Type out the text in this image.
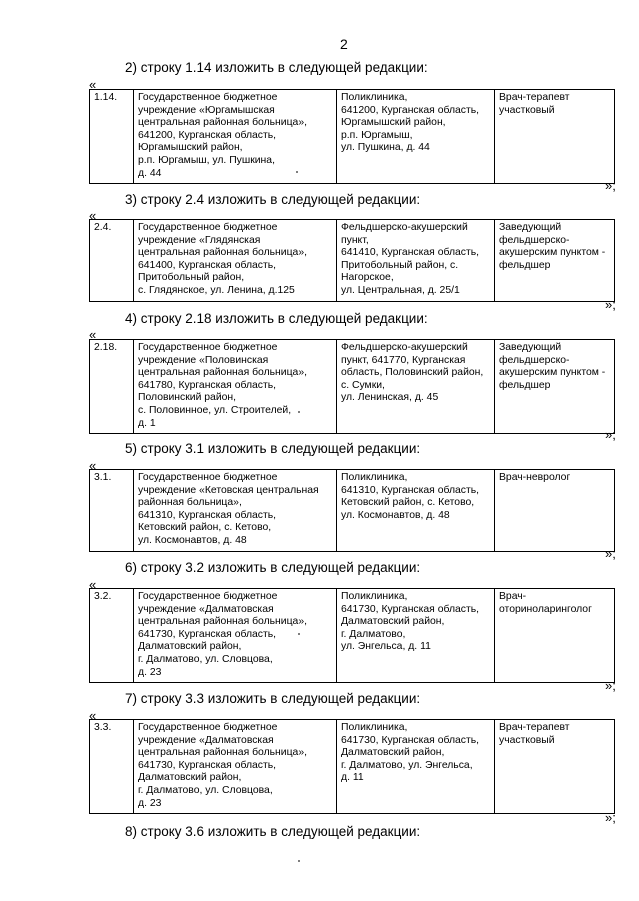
2
2) строку 1.14 изложить в следующей редакции:
«
1.14.	Государственное бюджетное
учреждение «Юргамышская
центральная районная больница»,
641200, Курганская область,
Юргамышский район,
р.п. Юргамыш, ул. Пушкина,
д. 44	Поликлиника,
641200, Курганская область,
Юргамышский район,
р.п. Юргамыш,
ул. Пушкина, д. 44	Врач-терапевт
участковый
»;
3) строку 2.4 изложить в следующей редакции:
«
2.4.	Государственное бюджетное
учреждение «Глядянская
центральная районная больница»,
641400, Курганская область,
Притобольный район,
с. Глядянское, ул. Ленина, д.125	Фельдшерско-акушерский
пункт,
641410, Курганская область,
Притобольный район, с.
Нагорское,
ул. Центральная, д. 25/1	Заведующий
фельдшерско-
акушерским пунктом -
фельдшер
»;
4) строку 2.18 изложить в следующей редакции:
«
2.18.	Государственное бюджетное
учреждение «Половинская
центральная районная больница»,
641780, Курганская область,
Половинский район,
с. Половинное, ул. Строителей,
д. 1	Фельдшерско-акушерский
пункт, 641770, Курганская
область, Половинский район,
с. Сумки,
ул. Ленинская, д. 45	Заведующий
фельдшерско-
акушерским пунктом -
фельдшер
»;
5) строку 3.1 изложить в следующей редакции:
«
3.1.	Государственное бюджетное
учреждение «Кетовская центральная
районная больница»,
641310, Курганская область,
Кетовский район, с. Кетово,
ул. Космонавтов, д. 48	Поликлиника,
641310, Курганская область,
Кетовский район, с. Кетово,
ул. Космонавтов, д. 48	Врач-невролог
»;
6) строку 3.2 изложить в следующей редакции:
«
3.2.	Государственное бюджетное
учреждение «Далматовская
центральная районная больница»,
641730, Курганская область,
Далматовский район,
г. Далматово, ул. Словцова,
д. 23	Поликлиника,
641730, Курганская область,
Далматовский район,
г. Далматово,
ул. Энгельса, д. 11	Врач-
оториноларинголог
»;
7) строку 3.3 изложить в следующей редакции:
«
3.3.	Государственное бюджетное
учреждение «Далматовская
центральная районная больница»,
641730, Курганская область,
Далматовский район,
г. Далматово, ул. Словцова,
д. 23	Поликлиника,
641730, Курганская область,
Далматовский район,
г. Далматово, ул. Энгельса,
д. 11	Врач-терапевт
участковый
»;
8) строку 3.6 изложить в следующей редакции:
